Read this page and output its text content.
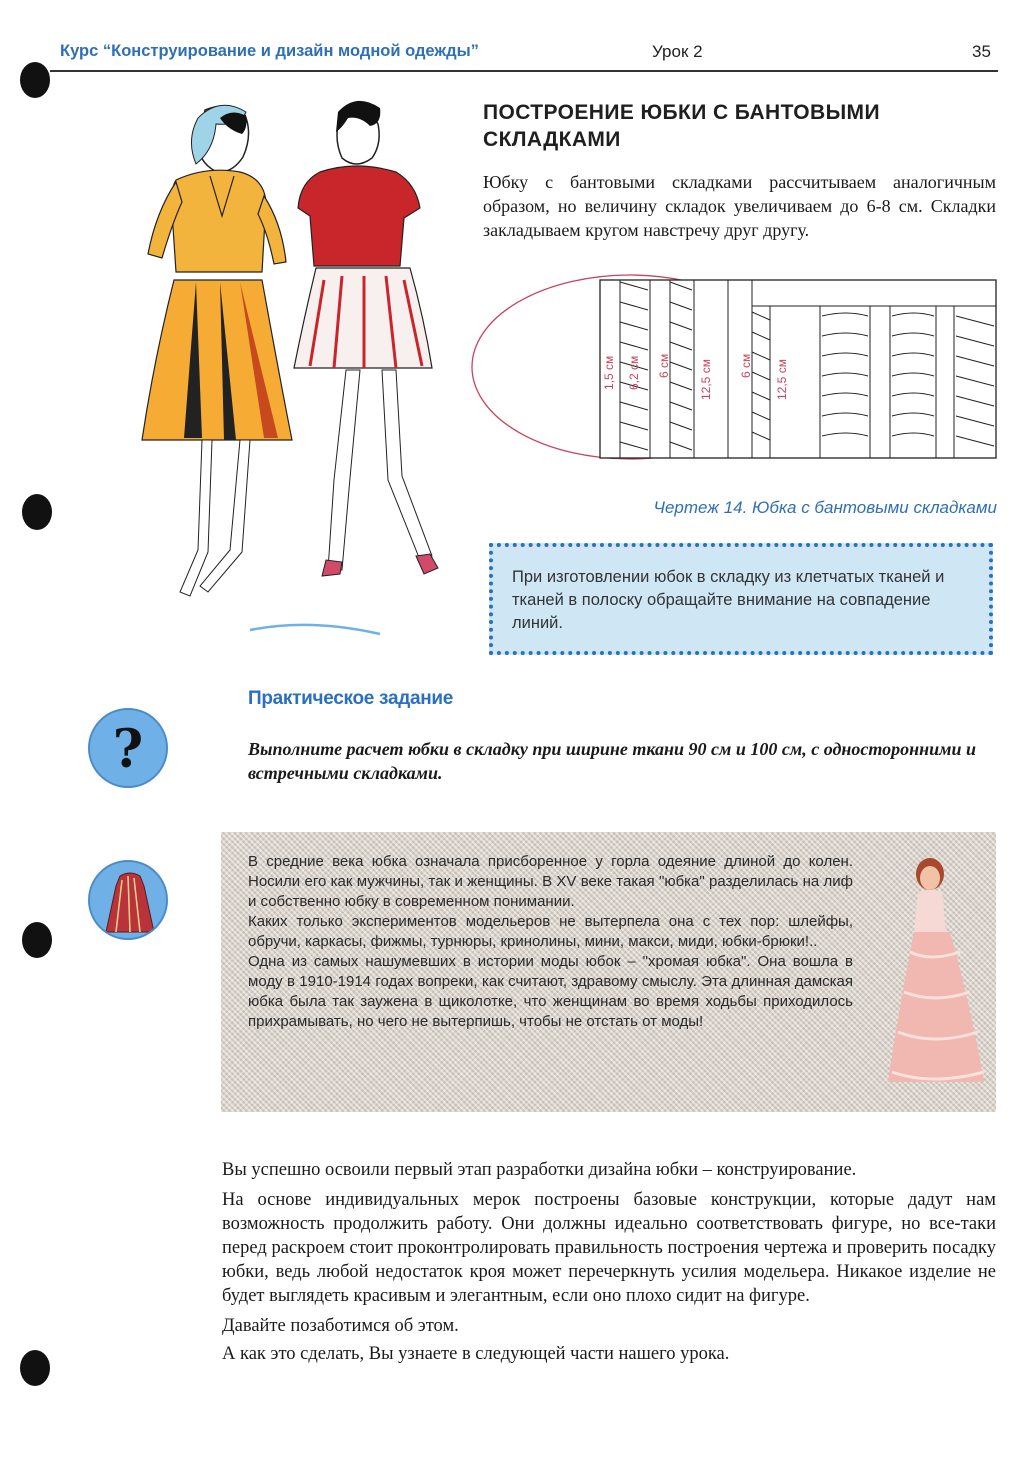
Курс “Конструирование и дизайн модной одежды”	Урок 2	35
ПОСТРОЕНИЕ ЮБКИ С БАНТОВЫМИ СКЛАДКАМИ
Юбку с бантовыми складками рассчитываем аналогичным образом, но величину складок увеличиваем до 6-8 см. Складки закладываем кругом навстречу друг другу.
1,5 см 6,2 см 6 см 12,5 см 6 см 12,5 см
Чертеж 14. Юбка с бантовыми складками
При изготовлении юбок в складку из клетчатых тканей и тканей в полоску обращайте внимание на совпадение линий.
Практическое задание
?	Выполните расчет юбки в складку при ширине ткани 90 см и 100 см, с односторонними и встречными складками.

В средние века юбка означала присборенное у горла одеяние длиной до колен. Носили его как мужчины, так и женщины. В XV веке такая "юбка" разделилась на лиф и собственно юбку в современном понимании.

Каких только экспериментов модельеров не вытерпела она с тех пор: шлейфы, обручи, каркасы, фижмы, турнюры, кринолины, мини, макси, миди, юбки-брюки!..

Одна из самых нашумевших в истории моды юбок – "хромая юбка". Она вошла в моду в 1910-1914 годах вопреки, как считают, здравому смыслу. Эта длинная дамская юбка была так заужена в щиколотке, что женщинам во время ходьбы приходилось прихрамывать, но чего не вытерпишь, чтобы не отстать от моды!

Вы успешно освоили первый этап разработки дизайна юбки – конструирование.

На основе индивидуальных мерок построены базовые конструкции, которые дадут нам возможность продолжить работу. Они должны идеально соответствовать фигуре, но все-таки перед раскроем стоит проконтролировать правильность построения чертежа и проверить посадку юбки, ведь любой недостаток кроя может перечеркнуть усилия модельера. Никакое изделие не будет выглядеть красивым и элегантным, если оно плохо сидит на фигуре.

Давайте позаботимся об этом.

А как это сделать, Вы узнаете в следующей части нашего урока.
